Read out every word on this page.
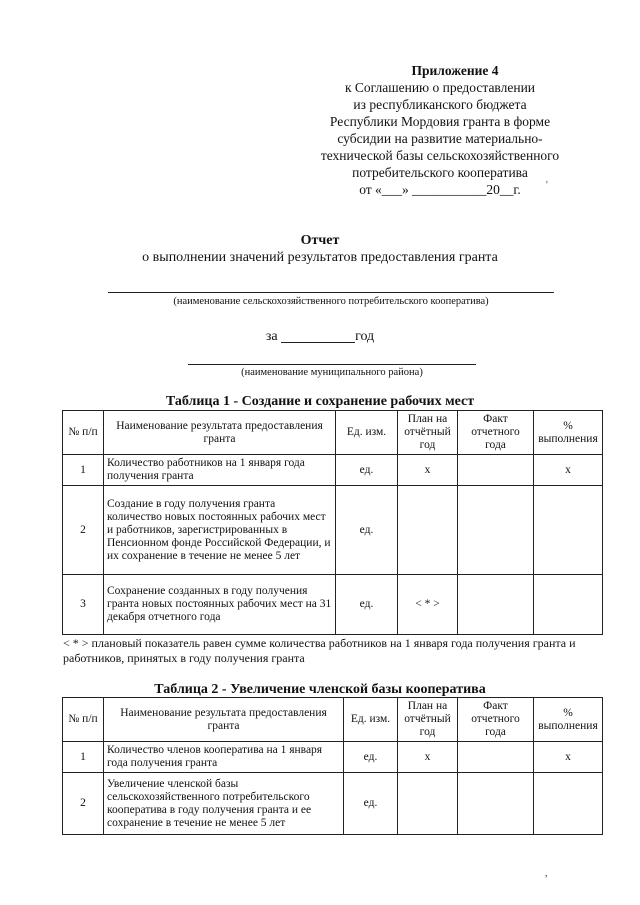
Приложение 4
к Соглашению о предоставлении
из республиканского бюджета
Республики Мордовия гранта в форме
субсидии на развитие материально-
технической базы сельскохозяйственного
потребительского кооператива
от «___» ___________20__г.
Отчет
о выполнении значений результатов предоставления гранта
(наименование сельскохозяйственного потребительского кооператива)
за	год
(наименование муниципального района)
Таблица 1 - Создание и сохранение рабочих мест
№ п/п	Наименование результата предоставления гранта	Ед. изм.	План на отчётный год	Факт отчетного года	% выполнения
1	Количество работников на 1 января года получения гранта	ед.	х		х
2	Создание в году получения гранта количество новых постоянных рабочих мест и работников, зарегистрированных в Пенсионном фонде Российской Федерации, и их сохранение в течение не менее 5 лет	ед.			
3	Сохранение созданных в году получения гранта новых постоянных рабочих мест на 31 декабря отчетного года	ед.	< * >		
< * > плановый показатель равен сумме количества работников на 1 января года получения гранта и работников, принятых в году получения гранта
Таблица 2 - Увеличение членской базы кооператива
№ п/п	Наименование результата предоставления гранта	Ед. изм.	План на отчётный год	Факт отчетного года	% выполнения
1	Количество членов кооператива на 1 января года получения гранта	ед.	х		х
2	Увеличение членской базы сельскохозяйственного потребительского кооператива в году получения гранта и ее сохранение в течение не менее 5 лет	ед.			
'
,
